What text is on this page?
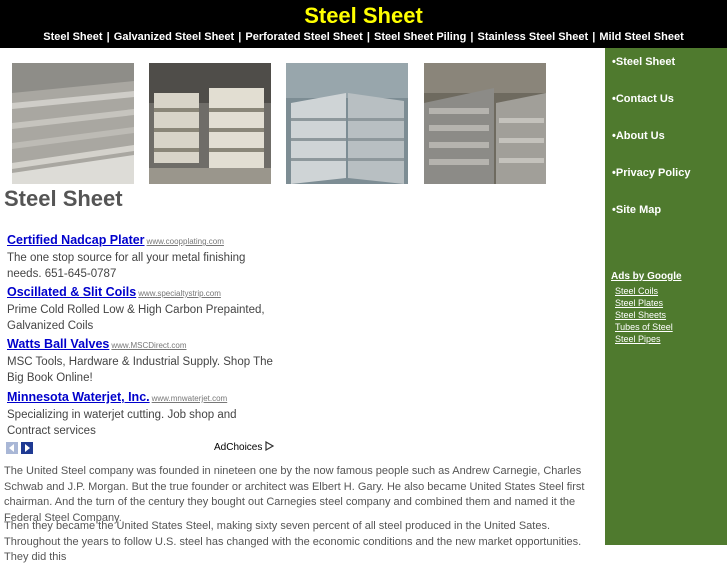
Steel Sheet
Steel Sheet | Galvanized Steel Sheet | Perforated Steel Sheet | Steel Sheet Piling | Stainless Steel Sheet | Mild Steel Sheet
Steel Sheet
Certified Nadcap Plater www.coopplating.com
The one stop source for all your metal finishing needs. 651-645-0787
Oscillated & Slit Coils www.specialtystrip.com
Prime Cold Rolled Low & High Carbon Prepainted, Galvanized Coils
Watts Ball Valves www.MSCDirect.com
MSC Tools, Hardware & Industrial Supply. Shop The Big Book Online!
Minnesota Waterjet, Inc. www.mnwaterjet.com
Specializing in waterjet cutting. Job shop and Contract services
AdChoices
The United Steel company was founded in nineteen one by the now famous people such as Andrew Carnegie, Charles Schwab and J.P. Morgan. But the true founder or architect was Elbert H. Gary. He also became United States Steel first chairman. And the turn of the century they bought out Carnegies steel company and combined them and named it the Federal Steel Company.
Then they became the United States Steel, making sixty seven percent of all steel produced in the United Sates. Throughout the years to follow U.S. steel has changed with the economic conditions and the new market opportunities. They did this
•Steel Sheet
•Contact Us
•About Us
•Privacy Policy
•Site Map
Ads by Google
Steel Coils
Steel Plates
Steel Sheets
Tubes of Steel
Steel Pipes
